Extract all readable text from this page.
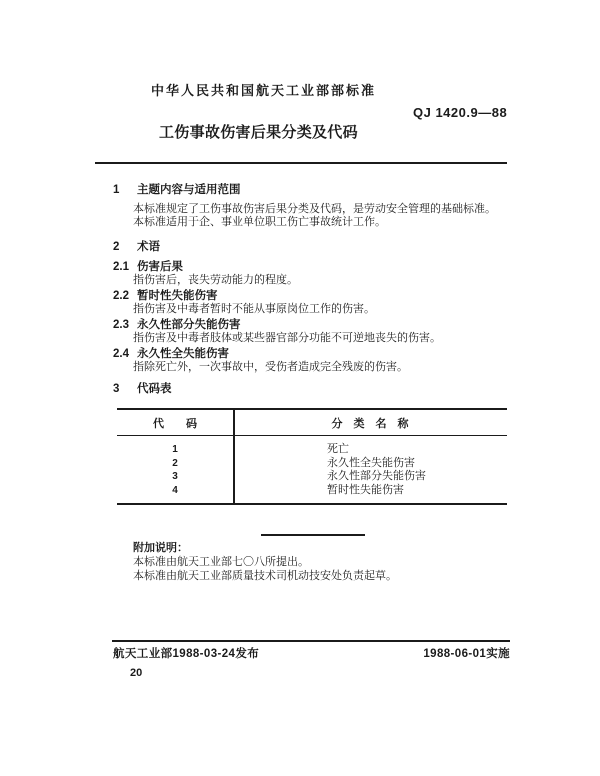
中华人民共和国航天工业部部标准
QJ 1420.9—88
工伤事故伤害后果分类及代码
1 主题内容与适用范围

本标准规定了工伤事故伤害后果分类及代码，是劳动安全管理的基础标准。

本标准适用于企、事业单位职工伤亡事故统计工作。

2 术语
2.1 伤害后果

指伤害后，丧失劳动能力的程度。

2.2 暂时性失能伤害

指伤害及中毒者暂时不能从事原岗位工作的伤害。

2.3 永久性部分失能伤害

指伤害及中毒者肢体或某些器官部分功能不可逆地丧失的伤害。

2.4 永久性全失能伤害

指除死亡外，一次事故中，受伤者造成完全残废的伤害。

3 代码表
代码	分类名称
1	死亡
2	永久性全失能伤害
3	永久性部分失能伤害
4	暂时性失能伤害
附加说明：

本标准由航天工业部七〇八所提出。

本标准由航天工业部质量技术司机动技安处负责起草。

航天工业部1988-03-24发布	1988-06-01实施
20
